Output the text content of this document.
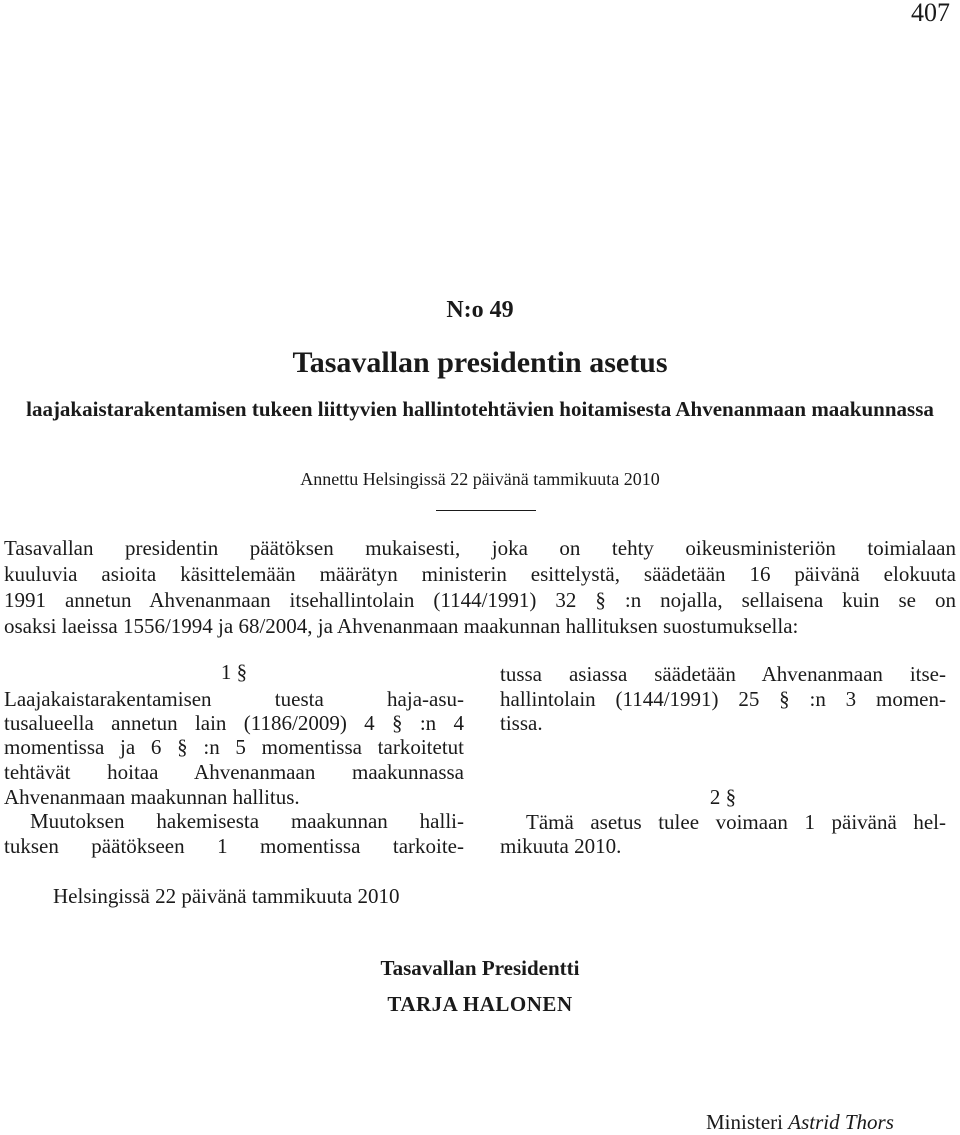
407
N:o 49
Tasavallan presidentin asetus
laajakaistarakentamisen tukeen liittyvien hallintotehtävien hoitamisesta Ahvenanmaan maakunnassa
Annettu Helsingissä 22 päivänä tammikuuta 2010
Tasavallan presidentin päätöksen mukaisesti, joka on tehty oikeusministeriön toimialaan
kuuluvia asioita käsittelemään määrätyn ministerin esittelystä, säädetään 16 päivänä elokuuta
1991 annetun Ahvenanmaan itsehallintolain (1144/1991) 32 § :n nojalla, sellaisena kuin se on
osaksi laeissa 1556/1994 ja 68/2004, ja Ahvenanmaan maakunnan hallituksen suostumuksella:
1 §
Laajakaistarakentamisen tuesta haja-asu-
tusalueella annetun lain (1186/2009) 4 § :n 4
momentissa ja 6 § :n 5 momentissa tarkoitetut
tehtävät hoitaa Ahvenanmaan maakunnassa
Ahvenanmaan maakunnan hallitus.
Muutoksen hakemisesta maakunnan halli-
tuksen päätökseen 1 momentissa tarkoite-
tussa asiassa säädetään Ahvenanmaan itse-
hallintolain (1144/1991) 25 § :n 3 momen-
tissa.
2 §
Tämä asetus tulee voimaan 1 päivänä hel-
mikuuta 2010.
Helsingissä 22 päivänä tammikuuta 2010
Tasavallan Presidentti
TARJA HALONEN
Ministeri Astrid Thors
